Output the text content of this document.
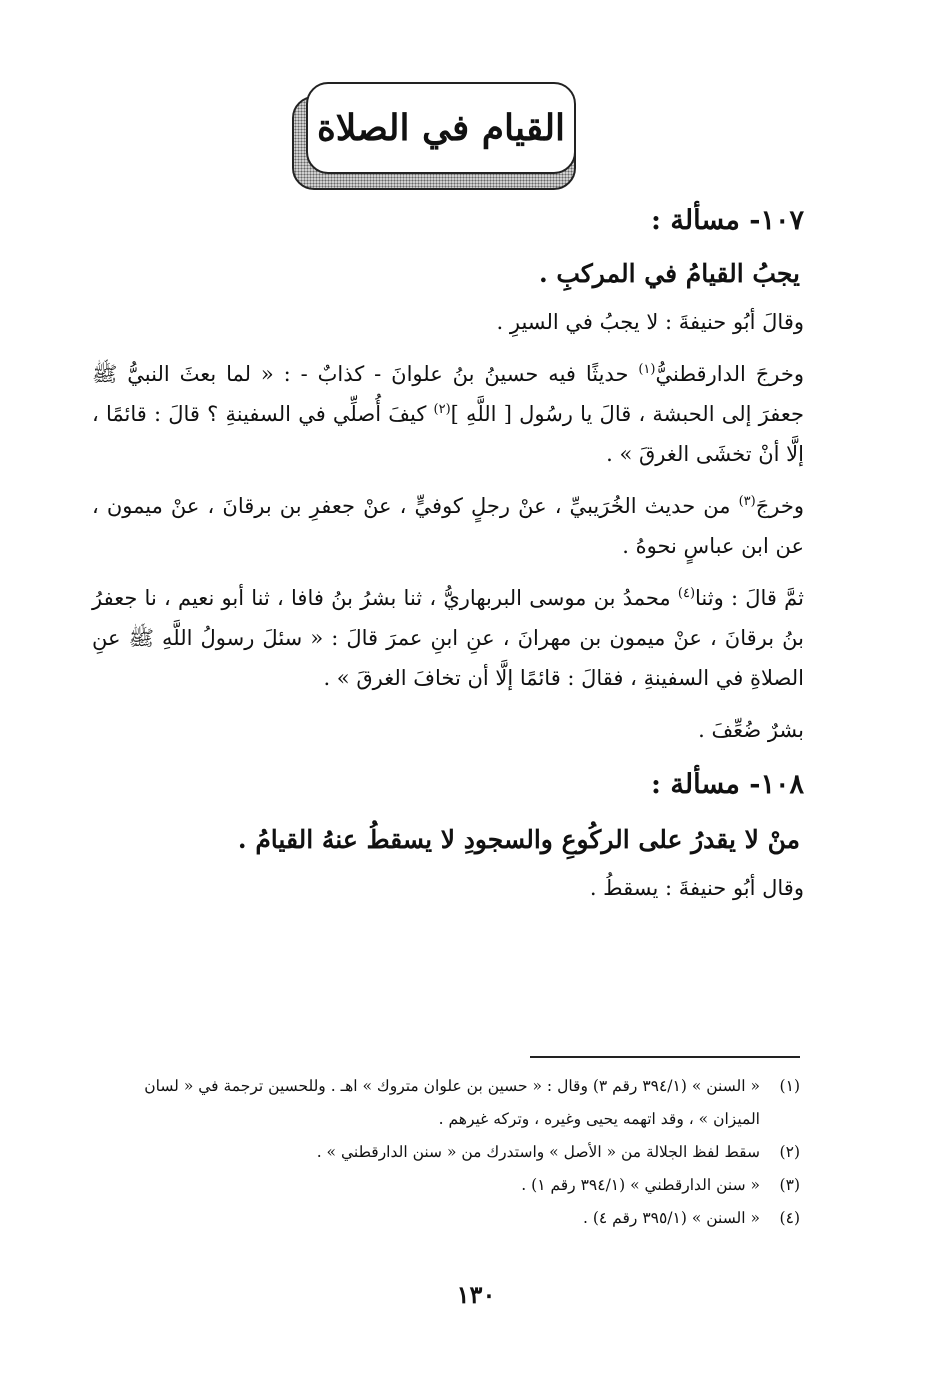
القيام في الصلاة
١٠٧- مسألة :
يجبُ القيامُ في المركبِ .

وقالَ أبُو حنيفةَ : لا يجبُ في السيرِ .

وخرجَ الدارقطنيُّ$^{(١)}$ حديثًا فيه حسينُ بنُ علوانَ - كذابٌ - : « لما بعثَ النبيُّ ﷺ جعفرَ إلى الحبشة ، قالَ يا رسُول [ اللَّهِ ]$^{(٢)}$ كيفَ أُصلِّي في السفينةِ ؟ قالَ : قائمًا ، إلَّا أنْ تخشَى الغرقَ » .

وخرجَ$^{(٣)}$ من حديث الخُرَيبيِّ ، عنْ رجلٍ كوفيٍّ ، عنْ جعفرِ بن برقانَ ، عنْ ميمون ، عن ابن عباسٍ نحوهُ .

ثمَّ قالَ : وثنا$^{(٤)}$ محمدُ بن موسى البربهاريُّ ، ثنا بشرُ بنُ فافا ، ثنا أبو نعيم ، نا جعفرُ بنُ برقانَ ، عنْ ميمون بن مهرانَ ، عنِ ابنِ عمرَ قالَ : « سئلَ رسولُ اللَّهِ ﷺ عنِ الصلاةِ في السفينةِ ، فقالَ : قائمًا إلَّا أن تخافَ الغرقَ » .

بشرٌ ضُعِّفَ .

١٠٨- مسألة :
منْ لا يقدرُ على الركُوعِ والسجودِ لا يسقطُ عنهُ القيامُ .

وقال أبُو حنيفةَ : يسقطُ .

(١)
« السنن » (٣٩٤/١ رقم ٣) وقال : « حسين بن علوان متروك » اهـ . وللحسين ترجمة في « لسان
الميزان » ، وقد اتهمه يحيى وغيره ، وتركه غيرهم .
(٢)
سقط لفظ الجلالة من « الأصل » واستدرك من « سنن الدارقطني » .
(٣)
« سنن الدارقطني » (٣٩٤/١ رقم ١) .
(٤)
« السنن » (٣٩٥/١ رقم ٤) .
١٣٠
